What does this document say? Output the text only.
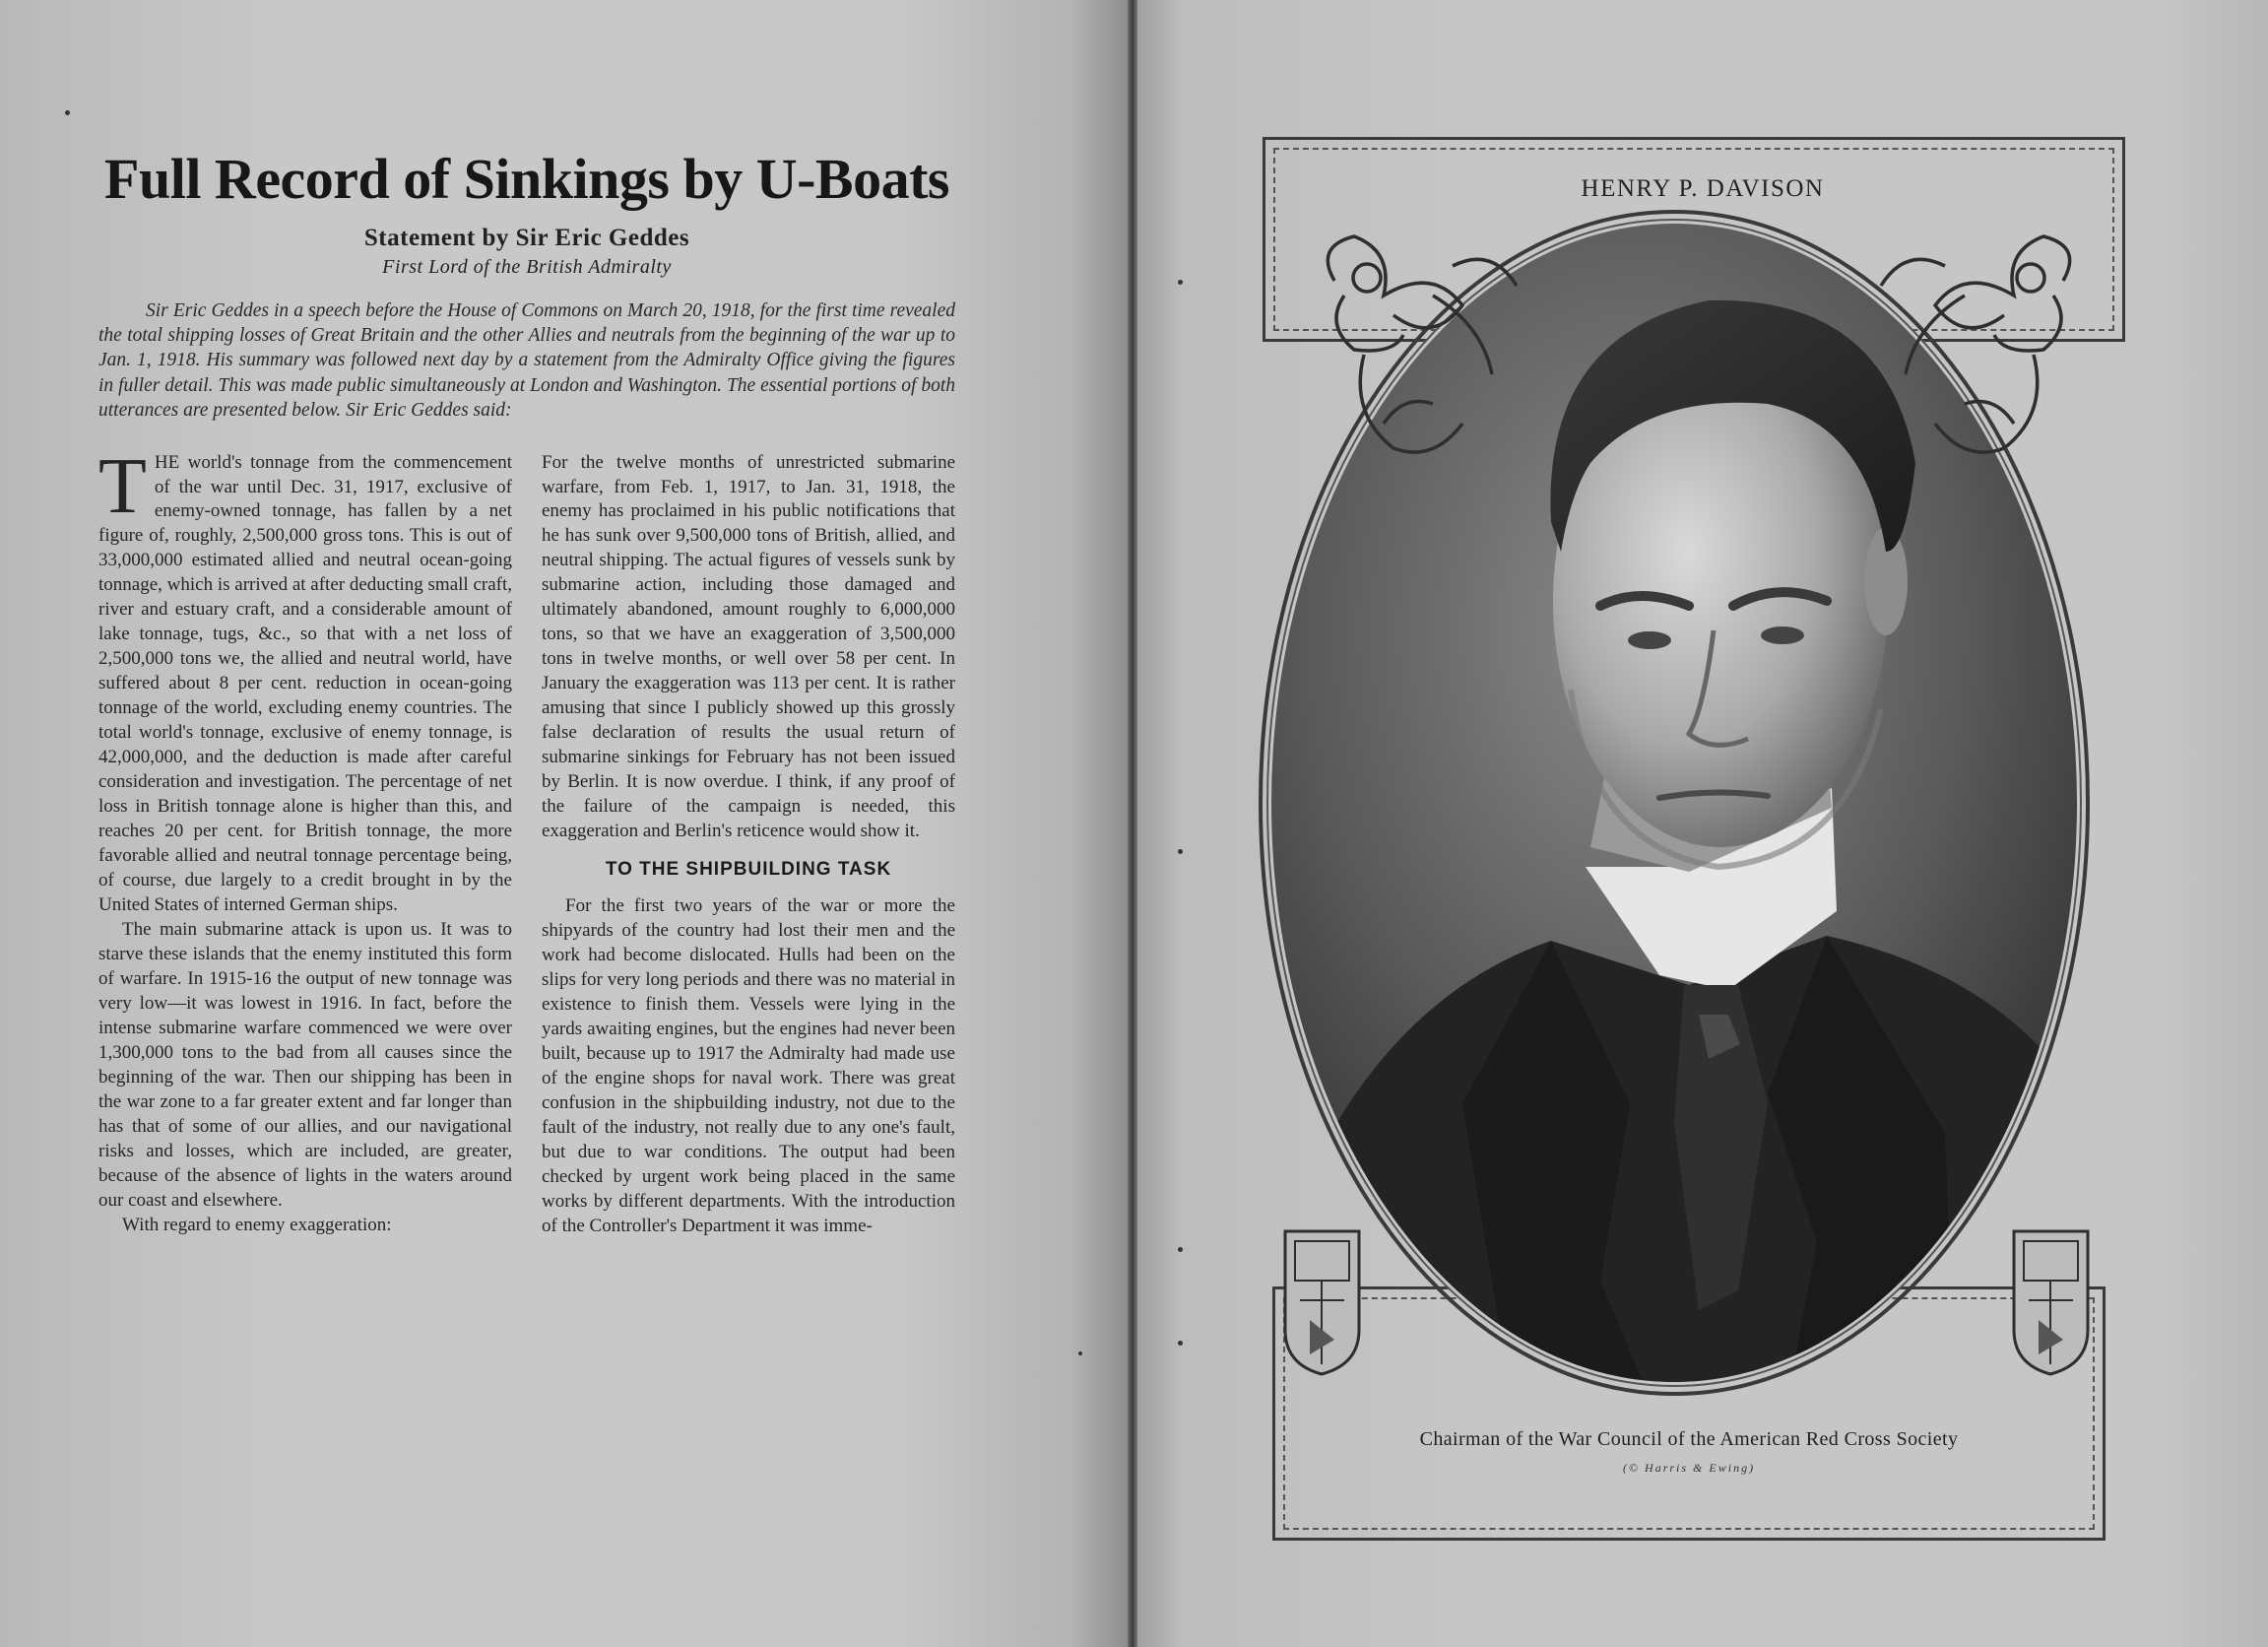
Full Record of Sinkings by U-Boats
Statement by Sir Eric Geddes
First Lord of the British Admiralty

Sir Eric Geddes in a speech before the House of Commons on March 20, 1918, for the first time revealed the total shipping losses of Great Britain and the other Allies and neutrals from the beginning of the war up to Jan. 1, 1918. His summary was followed next day by a statement from the Admiralty Office giving the figures in fuller detail. This was made public simultaneously at London and Washington. The essential portions of both utterances are presented below. Sir Eric Geddes said:

THE world's tonnage from the commencement of the war until Dec. 31, 1917, exclusive of enemy-owned tonnage, has fallen by a net figure of, roughly, 2,500,000 gross tons. This is out of 33,000,000 estimated allied and neutral ocean-going tonnage, which is arrived at after deducting small craft, river and estuary craft, and a considerable amount of lake tonnage, tugs, &c., so that with a net loss of 2,500,000 tons we, the allied and neutral world, have suffered about 8 per cent. reduction in ocean-going tonnage of the world, excluding enemy countries. The total world's tonnage, exclusive of enemy tonnage, is 42,000,000, and the deduction is made after careful consideration and investigation. The percentage of net loss in British tonnage alone is higher than this, and reaches 20 per cent. for British tonnage, the more favorable allied and neutral tonnage percentage being, of course, due largely to a credit brought in by the United States of interned German ships.

The main submarine attack is upon us. It was to starve these islands that the enemy instituted this form of warfare. In 1915-16 the output of new tonnage was very low—it was lowest in 1916. In fact, before the intense submarine warfare commenced we were over 1,300,000 tons to the bad from all causes since the beginning of the war. Then our shipping has been in the war zone to a far greater extent and far longer than has that of some of our allies, and our navigational risks and losses, which are included, are greater, because of the absence of lights in the waters around our coast and elsewhere.

With regard to enemy exaggeration:

For the twelve months of unrestricted submarine warfare, from Feb. 1, 1917, to Jan. 31, 1918, the enemy has proclaimed in his public notifications that he has sunk over 9,500,000 tons of British, allied, and neutral shipping. The actual figures of vessels sunk by submarine action, including those damaged and ultimately abandoned, amount roughly to 6,000,000 tons, so that we have an exaggeration of 3,500,000 tons in twelve months, or well over 58 per cent. In January the exaggeration was 113 per cent. It is rather amusing that since I publicly showed up this grossly false declaration of results the usual return of submarine sinkings for February has not been issued by Berlin. It is now overdue. I think, if any proof of the failure of the campaign is needed, this exaggeration and Berlin's reticence would show it.

TO THE SHIPBUILDING TASK

For the first two years of the war or more the shipyards of the country had lost their men and the work had become dislocated. Hulls had been on the slips for very long periods and there was no material in existence to finish them. Vessels were lying in the yards awaiting engines, but the engines had never been built, because up to 1917 the Admiralty had made use of the engine shops for naval work. There was great confusion in the shipbuilding industry, not due to the fault of the industry, not really due to any one's fault, but due to war conditions. The output had been checked by urgent work being placed in the same works by different departments. With the introduction of the Controller's Department it was imme-

HENRY P. DAVISON
Chairman of the War Council of the American Red Cross Society
(© Harris & Ewing)
